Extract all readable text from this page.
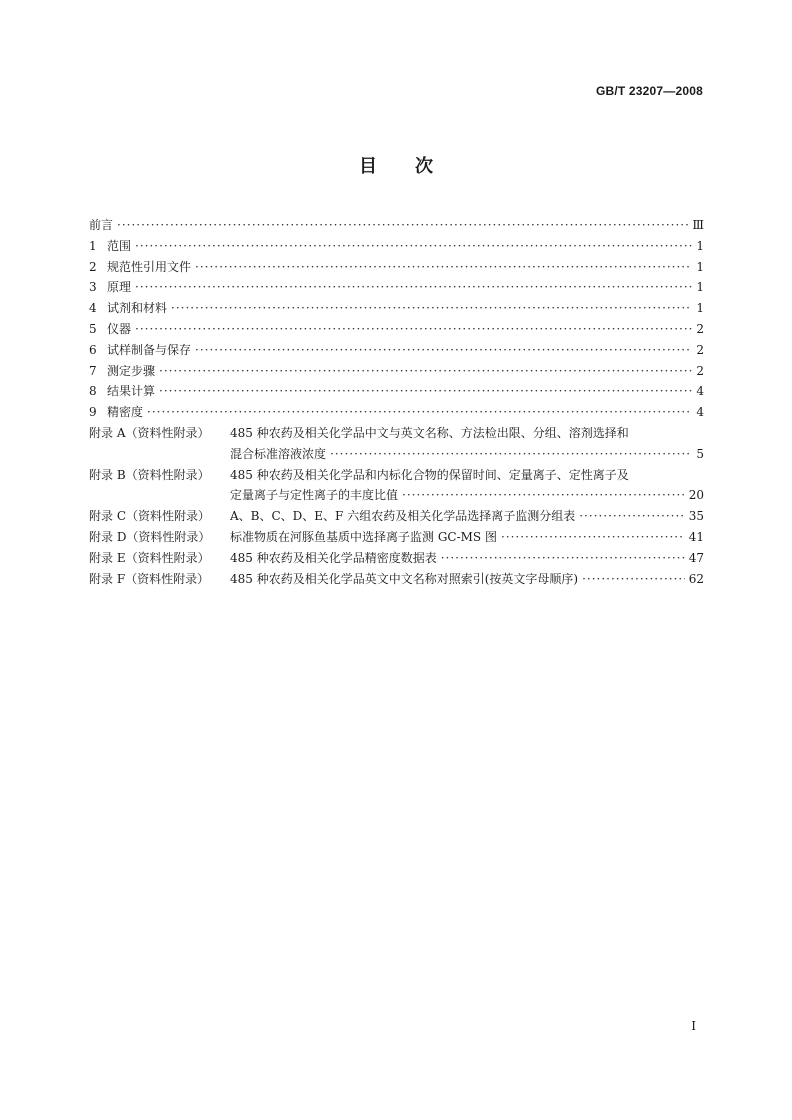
GB/T 23207—2008
目 次
前言 ·····	Ⅲ
1 范围 ·····	1
2 规范性引用文件 ·····	1
3 原理 ·····	1
4 试剂和材料 ·····	1
5 仪器 ·····	2
6 试样制备与保存 ·····	2
7 测定步骤 ·····	2
8 结果计算 ·····	4
9 精密度 ·····	4
附录 A（资料性附录）	485 种农药及相关化学品中文与英文名称、方法检出限、分组、溶剂选择和
混合标准溶液浓度 ·····	5
附录 B（资料性附录）	485 种农药及相关化学品和内标化合物的保留时间、定量离子、定性离子及
定量离子与定性离子的丰度比值 ·····	20
附录 C（资料性附录）	A、B、C、D、E、F 六组农药及相关化学品选择离子监测分组表 ·····	35
附录 D（资料性附录）	标准物质在河豚鱼基质中选择离子监测 GC-MS 图 ·····	41
附录 E（资料性附录）	485 种农药及相关化学品精密度数据表 ·····	47
附录 F（资料性附录）	485 种农药及相关化学品英文中文名称对照索引(按英文字母顺序) ·····	62
I
